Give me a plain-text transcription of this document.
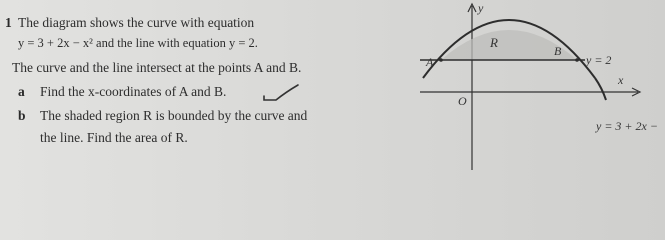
1 The diagram shows the curve with equation
y = 3 + 2x − x² and the line with equation y = 2.
The curve and the line intersect at the points A and B.
a Find the x-coordinates of A and B.
b The shaded region R is bounded by the curve and
the line. Find the area of R.
R
A
B
O
y = 2
x
y
y = 3 + 2x −
